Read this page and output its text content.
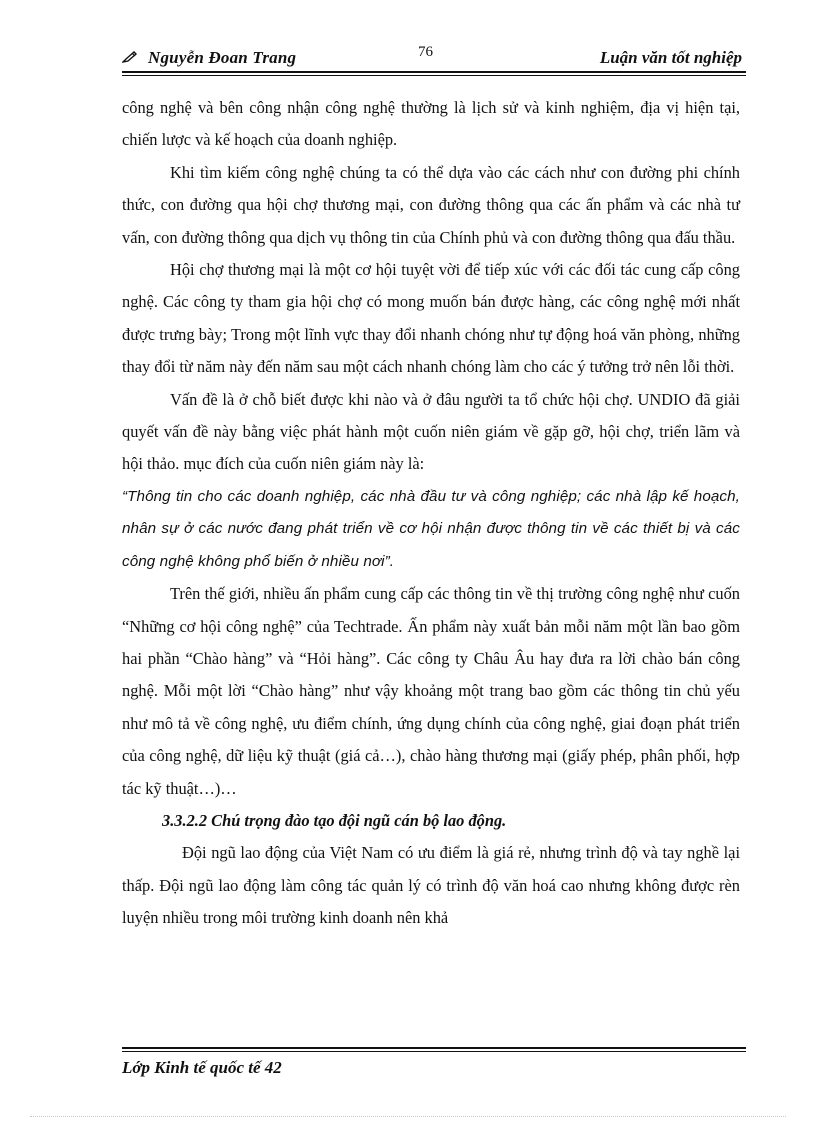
Nguyễn Đoan Trang	76	Luận văn tốt nghiệp

công nghệ và bên công nhận công nghệ thường là lịch sử và kinh nghiệm, địa vị hiện tại, chiến lược và kế hoạch của doanh nghiệp.

Khi tìm kiếm công nghệ chúng ta có thể dựa vào các cách như con đường phi chính thức, con đường qua hội chợ thương mại, con đường thông qua các ấn phẩm và các nhà tư vấn, con đường thông qua dịch vụ thông tin của Chính phủ và con đường thông qua đấu thầu.

Hội chợ thương mại là một cơ hội tuyệt vời để tiếp xúc với các đối tác cung cấp công nghệ. Các công ty tham gia hội chợ có mong muốn bán được hàng, các công nghệ mới nhất được trưng bày; Trong một lĩnh vực thay đổi nhanh chóng như tự động hoá văn phòng, những thay đổi từ năm này đến năm sau một cách nhanh chóng làm cho các ý tưởng trở nên lỗi thời.

Vấn đề là ở chỗ biết được khi nào và ở đâu người ta tổ chức hội chợ. UNDIO đã giải quyết vấn đề này bằng việc phát hành một cuốn niên giám về gặp gỡ, hội chợ, triển lãm và hội thảo. mục đích của cuốn niên giám này là:

“Thông tin cho các doanh nghiệp, các nhà đầu tư và công nghiệp; các nhà lập kế hoạch, nhân sự ở các nước đang phát triển về cơ hội nhận được thông tin về các thiết bị và các công nghệ không phổ biến ở nhiều nơi”.

Trên thế giới, nhiều ấn phẩm cung cấp các thông tin về thị trường công nghệ như cuốn “Những cơ hội công nghệ” của Techtrade. Ấn phẩm này xuất bản mỗi năm một lần bao gồm hai phần “Chào hàng” và “Hỏi hàng”. Các công ty Châu Âu hay đưa ra lời chào bán công nghệ. Mỗi một lời “Chào hàng” như vậy khoảng một trang bao gồm các thông tin chủ yếu như mô tả về công nghệ, ưu điểm chính, ứng dụng chính của công nghệ, giai đoạn phát triển của công nghệ, dữ liệu kỹ thuật (giá cả…), chào hàng thương mại (giấy phép, phân phối, hợp tác kỹ thuật…)…

3.3.2.2 Chú trọng đào tạo đội ngũ cán bộ lao động.

Đội ngũ lao động của Việt Nam có ưu điểm là giá rẻ, nhưng trình độ và tay nghề lại thấp. Đội ngũ lao động làm công tác quản lý có trình độ văn hoá cao nhưng không được rèn luyện nhiều trong môi trường kinh doanh nên khả

Lớp Kinh tế quốc tế 42
